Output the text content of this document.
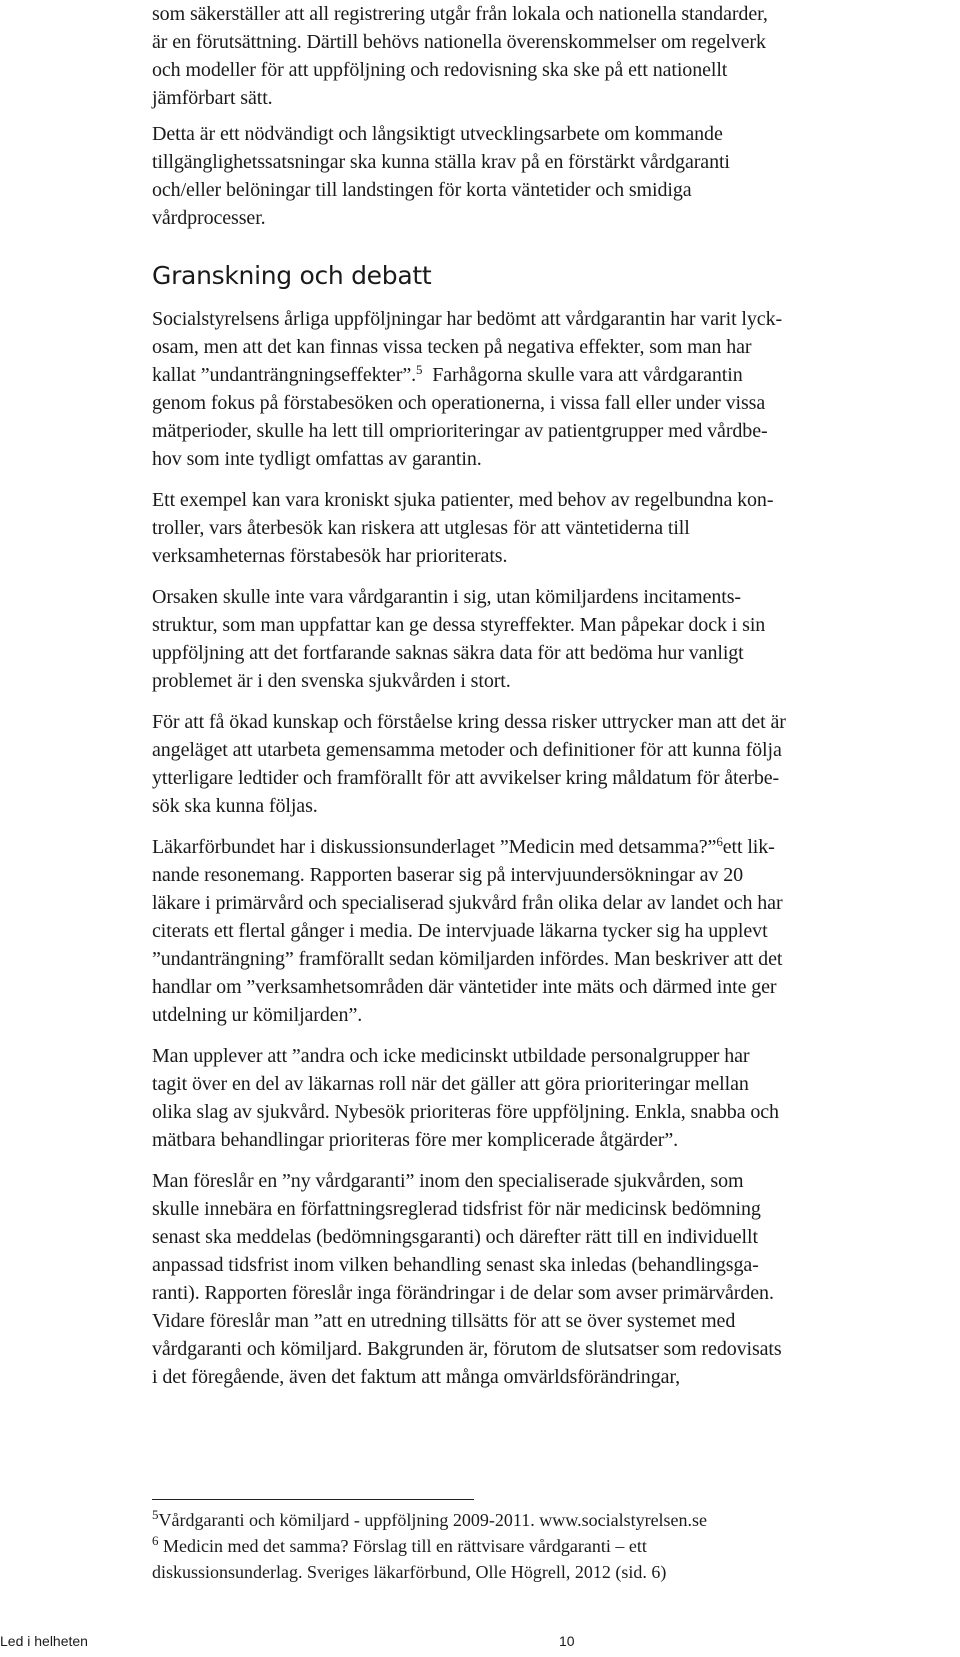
som säkerställer att all registrering utgår från lokala och nationella standarder,
är en förutsättning. Därtill behövs nationella överenskommelser om regelverk
och modeller för att uppföljning och redovisning ska ske på ett nationellt
jämförbart sätt.

Detta är ett nödvändigt och långsiktigt utvecklingsarbete om kommande
tillgänglighetssatsningar ska kunna ställa krav på en förstärkt vårdgaranti
och/eller belöningar till landstingen för korta väntetider och smidiga
vårdprocesser.

Granskning och debatt

Socialstyrelsens årliga uppföljningar har bedömt att vårdgarantin har varit lyck-
osam, men att det kan finnas vissa tecken på negativa effekter, som man har
kallat ”undanträngningseffekter”.$^5$  Farhågorna skulle vara att vårdgarantin
genom fokus på förstabesöken och operationerna, i vissa fall eller under vissa
mätperioder, skulle ha lett till omprioriteringar av patientgrupper med vårdbe-
hov som inte tydligt omfattas av garantin.

Ett exempel kan vara kroniskt sjuka patienter, med behov av regelbundna kon-
troller, vars återbesök kan riskera att utglesas för att väntetiderna till
verksamheternas förstabesök har prioriterats.

Orsaken skulle inte vara vårdgarantin i sig, utan kömiljardens incitaments-
struktur, som man uppfattar kan ge dessa styreffekter. Man påpekar dock i sin
uppföljning att det fortfarande saknas säkra data för att bedöma hur vanligt
problemet är i den svenska sjukvården i stort.

För att få ökad kunskap och förståelse kring dessa risker uttrycker man att det är
angeläget att utarbeta gemensamma metoder och definitioner för att kunna följa
ytterligare ledtider och framförallt för att avvikelser kring måldatum för återbe-
sök ska kunna följas.

Läkarförbundet har i diskussionsunderlaget ”Medicin med detsamma?”$^6$ett lik-
nande resonemang. Rapporten baserar sig på intervjuundersökningar av 20
läkare i primärvård och specialiserad sjukvård från olika delar av landet och har
citerats ett flertal gånger i media. De intervjuade läkarna tycker sig ha upplevt
”undanträngning” framförallt sedan kömiljarden infördes. Man beskriver att det
handlar om ”verksamhetsområden där väntetider inte mäts och därmed inte ger
utdelning ur kömiljarden”.

Man upplever att ”andra och icke medicinskt utbildade personalgrupper har
tagit över en del av läkarnas roll när det gäller att göra prioriteringar mellan
olika slag av sjukvård. Nybesök prioriteras före uppföljning. Enkla, snabba och
mätbara behandlingar prioriteras före mer komplicerade åtgärder”.

Man föreslår en ”ny vårdgaranti” inom den specialiserade sjukvården, som
skulle innebära en författningsreglerad tidsfrist för när medicinsk bedömning
senast ska meddelas (bedömningsgaranti) och därefter rätt till en individuellt
anpassad tidsfrist inom vilken behandling senast ska inledas (behandlingsga-
ranti). Rapporten föreslår inga förändringar i de delar som avser primärvården.
Vidare föreslår man ”att en utredning tillsätts för att se över systemet med
vårdgaranti och kömiljard. Bakgrunden är, förutom de slutsatser som redovisats
i det föregående, även det faktum att många omvärldsförändringar,

$^5$Vårdgaranti och kömiljard - uppföljning 2009-2011. www.socialstyrelsen.se

$^6$ Medicin med det samma? Förslag till en rättvisare vårdgaranti – ett

diskussionsunderlag. Sveriges läkarförbund, Olle Högrell, 2012 (sid. 6)

Led i helheten	10
